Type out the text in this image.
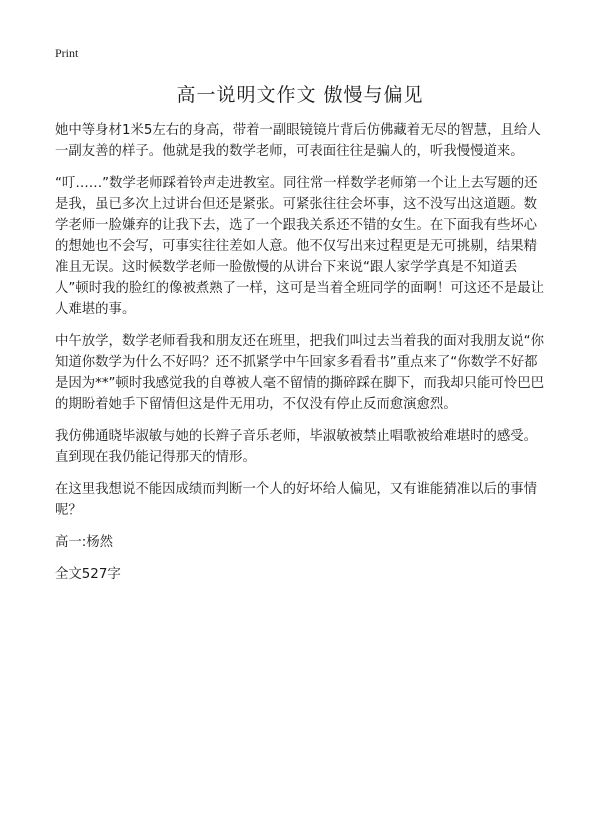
Print
高一说明文作文 傲慢与偏见

她中等身材1米5左右的身高，带着一副眼镜镜片背后仿佛藏着无尽的智慧，且给人一副友善的样子。他就是我的数学老师，可表面往往是骗人的，听我慢慢道来。

“叮……”数学老师踩着铃声走进教室。同往常一样数学老师第一个让上去写题的还是我，虽已多次上过讲台但还是紧张。可紧张往往会坏事，这不没写出这道题。数学老师一脸嫌弃的让我下去，选了一个跟我关系还不错的女生。在下面我有些坏心的想她也不会写，可事实往往差如人意。他不仅写出来过程更是无可挑剔，结果精准且无误。这时候数学老师一脸傲慢的从讲台下来说“跟人家学学真是不知道丢人”顿时我的脸红的像被煮熟了一样，这可是当着全班同学的面啊！可这还不是最让人难堪的事。

中午放学，数学老师看我和朋友还在班里，把我们叫过去当着我的面对我朋友说“你知道你数学为什么不好吗？还不抓紧学中午回家多看看书”重点来了“你数学不好都是因为**”顿时我感觉我的自尊被人毫不留情的撕碎踩在脚下，而我却只能可怜巴巴的期盼着她手下留情但这是件无用功，不仅没有停止反而愈演愈烈。

我仿佛通晓毕淑敏与她的长辫子音乐老师，毕淑敏被禁止唱歌被给难堪时的感受。直到现在我仍能记得那天的情形。

在这里我想说不能因成绩而判断一个人的好坏给人偏见，又有谁能猜准以后的事情呢？

高一:杨然

全文527字
